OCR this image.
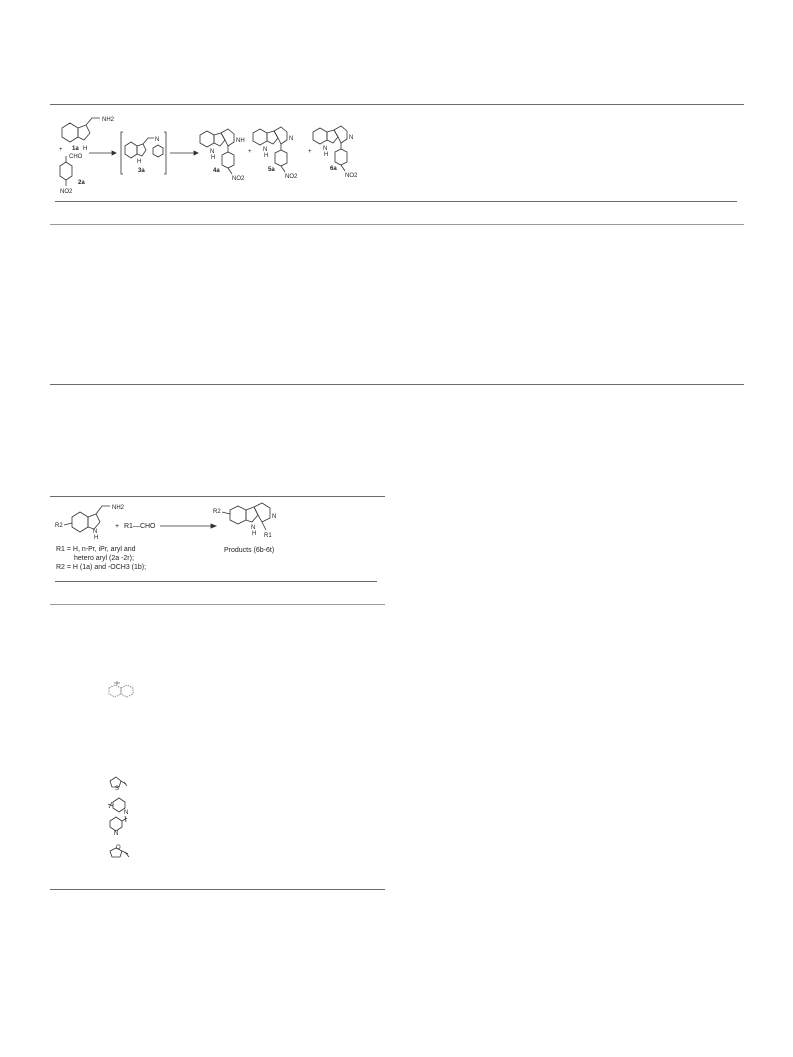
NH2
1a H
+
CHO
2a
NO2
N
H
3a
NH
N
H
NO2
4a
+
N
N
H
NO2
5a
+
N
N
H
NO2
6a
R2
NH2
N
H
+ R1—CHO
R2
N
N
H R1
Products (6b-6t)
R1 = H, n-Pr, iPr, aryl and
hetero aryl (2a -2r);
R2 = H (1a) and -OCH3 (1b);
S
N
N
O
